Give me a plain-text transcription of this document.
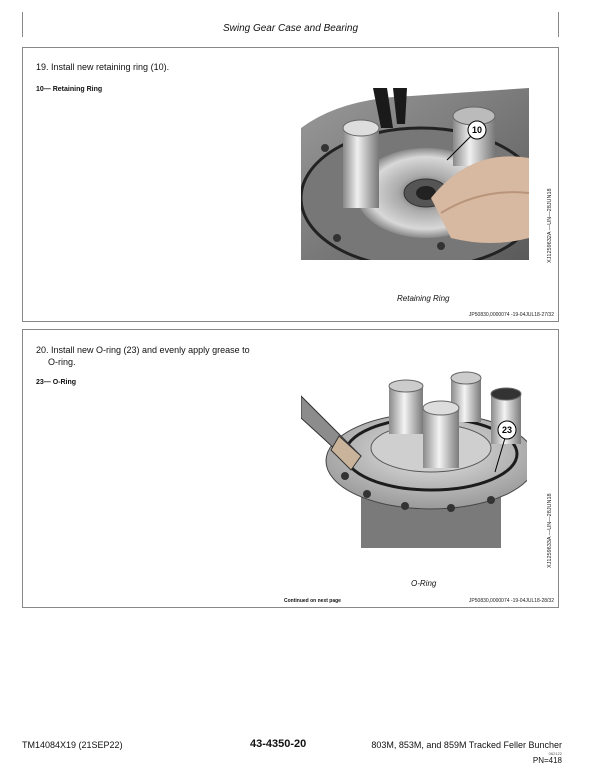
Swing Gear Case and Bearing
19. Install new retaining ring (10).
10— Retaining Ring
10
XJ1259632A —UN—28JUN18
Retaining Ring
JP50830,0000074 -19-04JUL18-27/32
20. Install new O-ring (23) and evenly apply grease to
O-ring.
23— O-Ring
23
XJ1259633A —UN—28JUN18
O-Ring
Continued on next page	JP50830,0000074 -19-04JUL18-28/32
TM14084X19 (21SEP22)	43-4350-20	803M, 853M, and 859M Tracked Feller Buncher
062122
PN=418
